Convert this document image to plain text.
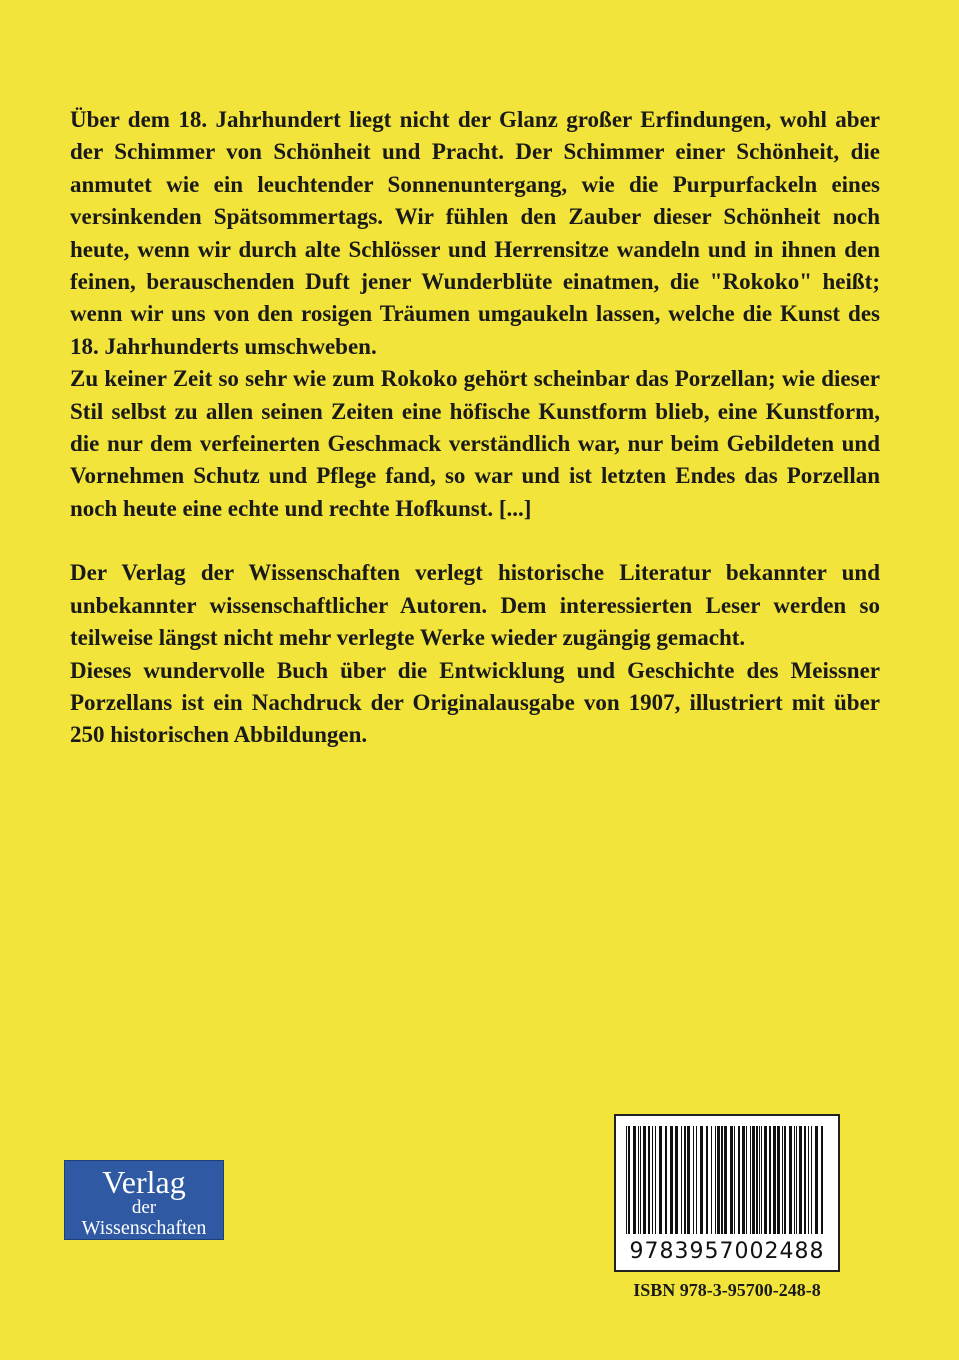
Über dem 18. Jahrhundert liegt nicht der Glanz großer Erfindungen, wohl aber der Schimmer von Schönheit und Pracht. Der Schimmer einer Schönheit, die anmutet wie ein leuchtender Sonnenuntergang, wie die Purpurfackeln eines versinkenden Spätsommertags. Wir fühlen den Zauber dieser Schönheit noch heute, wenn wir durch alte Schlösser und Herrensitze wandeln und in ihnen den feinen, berauschenden Duft jener Wunderblüte einatmen, die "Rokoko" heißt; wenn wir uns von den rosigen Träumen umgaukeln lassen, welche die Kunst des 18. Jahrhunderts umschweben.

Zu keiner Zeit so sehr wie zum Rokoko gehört scheinbar das Porzellan; wie dieser Stil selbst zu allen seinen Zeiten eine höfische Kunstform blieb, eine Kunstform, die nur dem verfeinerten Geschmack verständlich war, nur beim Gebildeten und Vornehmen Schutz und Pflege fand, so war und ist letzten Endes das Porzellan noch heute eine echte und rechte Hofkunst. [...]

Der Verlag der Wissenschaften verlegt historische Literatur bekannter und unbekannter wissenschaftlicher Autoren. Dem interessierten Leser werden so teilweise längst nicht mehr verlegte Werke wieder zugängig gemacht.

Dieses wundervolle Buch über die Entwicklung und Geschichte des Meissner Porzellans ist ein Nachdruck der Originalausgabe von 1907, illustriert mit über 250 historischen Abbildungen.

Verlag
der
Wissenschaften
9783957002488
ISBN 978-3-95700-248-8
